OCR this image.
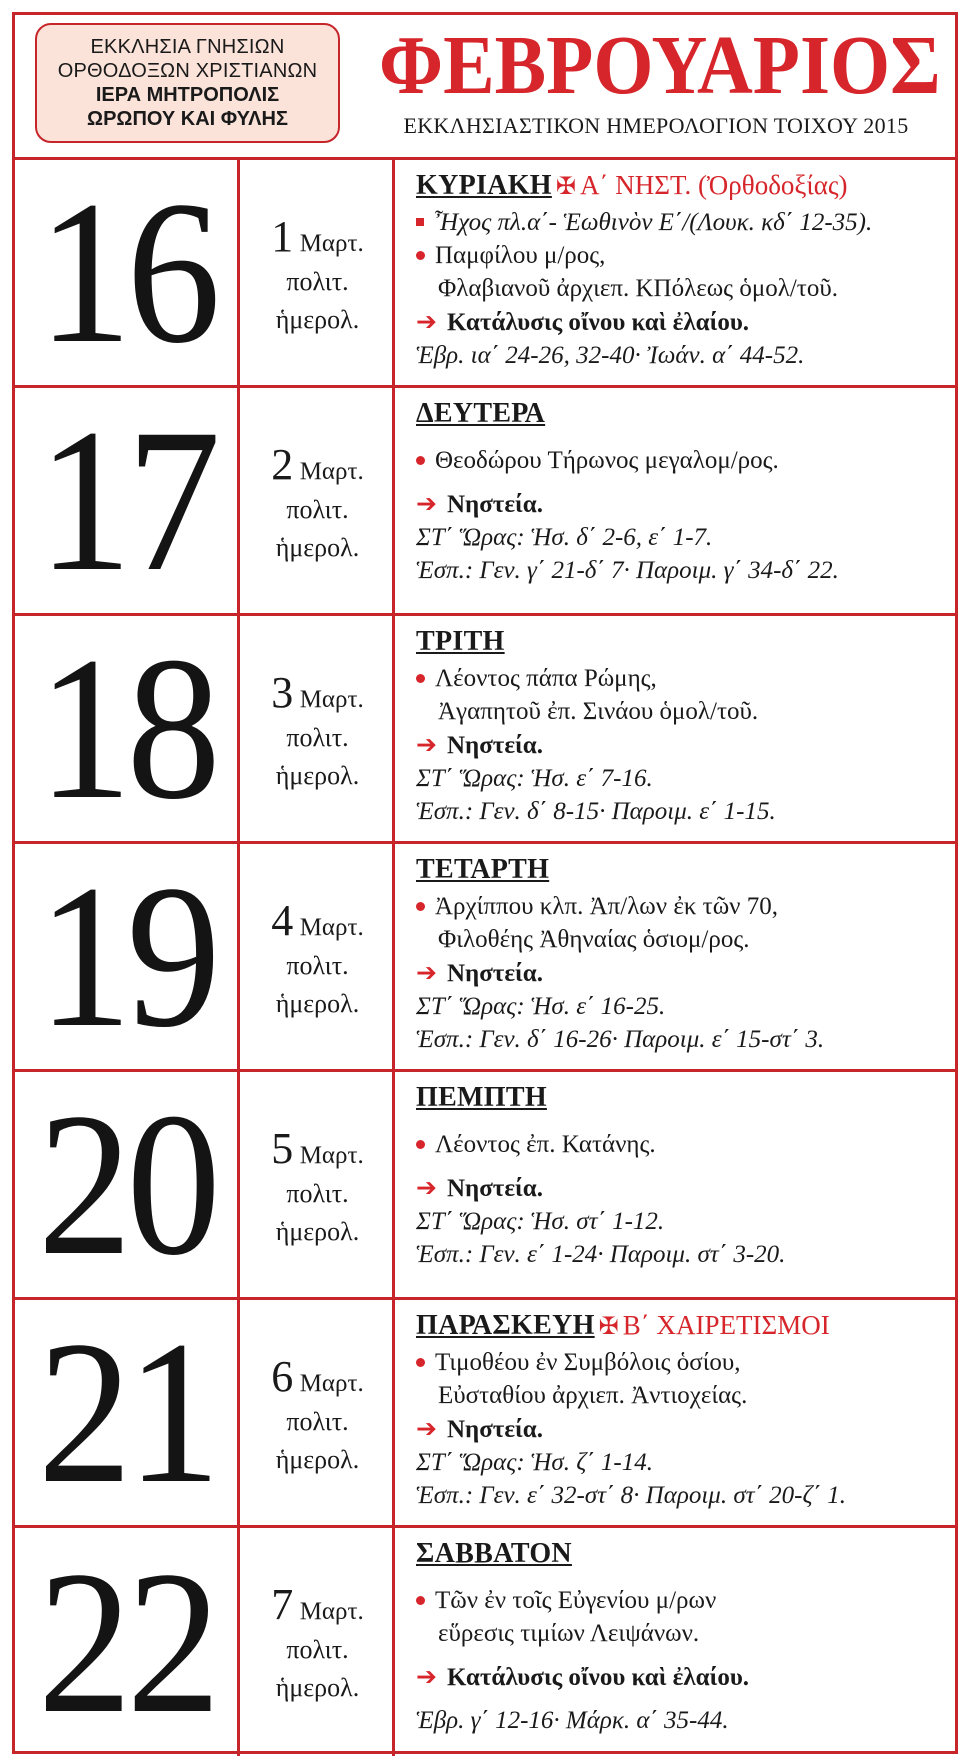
ΕΚΚΛΗΣΙΑ ΓΝΗΣΙΩΝ
ΟΡΘΟΔΟΞΩΝ ΧΡΙΣΤΙΑΝΩΝ
ΙΕΡΑ ΜΗΤΡΟΠΟΛΙΣ
ΩΡΩΠΟΥ ΚΑΙ ΦΥΛΗΣ
ΦΕΒΡΟΥΑΡΙΟΣ
ΕΚΚΛΗΣΙΑΣΤΙΚΟΝ ΗΜΕΡΟΛΟΓΙΟΝ ΤΟΙΧΟΥ 2015
16	1 Μαρτ.
πολιτ.
ἡμερολ.
ΚΥΡΙΑΚΗ ✠ Α΄ ΝΗΣΤ. (Ὀρθοδοξίας)
Ἦχος πλ.α΄- Ἑωθινὸν Ε΄/(Λουκ. κδ΄ 12-35).
Παμφίλου μ/ρος,
Φλαβιανοῦ ἀρχιεπ. ΚΠόλεως ὁμολ/τοῦ.
➔ Κατάλυσις οἴνου καὶ ἐλαίου.
Ἑβρ. ια΄ 24-26, 32-40· Ἰωάν. α΄ 44-52.
17	2 Μαρτ.
πολιτ.
ἡμερολ.
ΔΕΥΤΕΡΑ
Θεοδώρου Τήρωνος μεγαλομ/ρος.
➔ Νηστεία.
ΣΤ΄ Ὥρας: Ἡσ. δ΄ 2-6, ε΄ 1-7.
Ἑσπ.: Γεν. γ΄ 21-δ΄ 7· Παροιμ. γ΄ 34-δ΄ 22.
18	3 Μαρτ.
πολιτ.
ἡμερολ.
ΤΡΙΤΗ
Λέοντος πάπα Ρώμης,
Ἀγαπητοῦ ἐπ. Σινάου ὁμολ/τοῦ.
➔ Νηστεία.
ΣΤ΄ Ὥρας: Ἡσ. ε΄ 7-16.
Ἑσπ.: Γεν. δ΄ 8-15· Παροιμ. ε΄ 1-15.
19	4 Μαρτ.
πολιτ.
ἡμερολ.
ΤΕΤΑΡΤΗ
Ἀρχίππου κλπ. Ἀπ/λων ἐκ τῶν 70,
Φιλοθέης Ἀθηναίας ὁσιομ/ρος.
➔ Νηστεία.
ΣΤ΄ Ὥρας: Ἡσ. ε΄ 16-25.
Ἑσπ.: Γεν. δ΄ 16-26· Παροιμ. ε΄ 15-στ΄ 3.
20	5 Μαρτ.
πολιτ.
ἡμερολ.
ΠΕΜΠΤΗ
Λέοντος ἐπ. Κατάνης.
➔ Νηστεία.
ΣΤ΄ Ὥρας: Ἡσ. στ΄ 1-12.
Ἑσπ.: Γεν. ε΄ 1-24· Παροιμ. στ΄ 3-20.
21	6 Μαρτ.
πολιτ.
ἡμερολ.
ΠΑΡΑΣΚΕΥΗ ✠ Β΄ ΧΑΙΡΕΤΙΣΜΟΙ
Τιμοθέου ἐν Συμβόλοις ὁσίου,
Εὐσταθίου ἀρχιεπ. Ἀντιοχείας.
➔ Νηστεία.
ΣΤ΄ Ὥρας: Ἡσ. ζ΄ 1-14.
Ἑσπ.: Γεν. ε΄ 32-στ΄ 8· Παροιμ. στ΄ 20-ζ΄ 1.
22	7 Μαρτ.
πολιτ.
ἡμερολ.
ΣΑΒΒΑΤΟΝ
Τῶν ἐν τοῖς Εὐγενίου μ/ρων
εὕρεσις τιμίων Λειψάνων.
➔ Κατάλυσις οἴνου καὶ ἐλαίου.
Ἑβρ. γ΄ 12-16· Μάρκ. α΄ 35-44.
